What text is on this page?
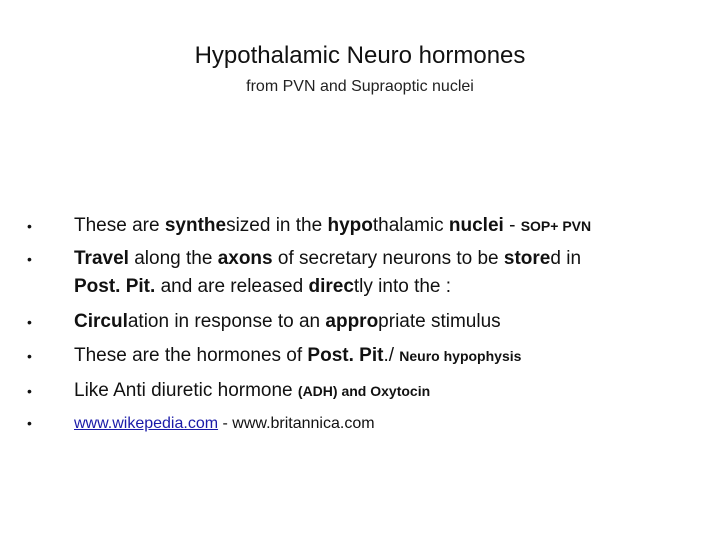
Hypothalamic Neuro hormones
from PVN and Supraoptic nuclei
• These are synthesized in the hypothalamic nuclei - SOP+ PVN
• Travel along the axons of secretary neurons to be stored in
Post. Pit. and are released directly into the :
• Circulation in response to an appropriate stimulus
• These are the hormones of Post. Pit./ Neuro hypophysis
• Like Anti diuretic hormone (ADH) and Oxytocin
•	www.wikepedia.com - www.britannica.com
